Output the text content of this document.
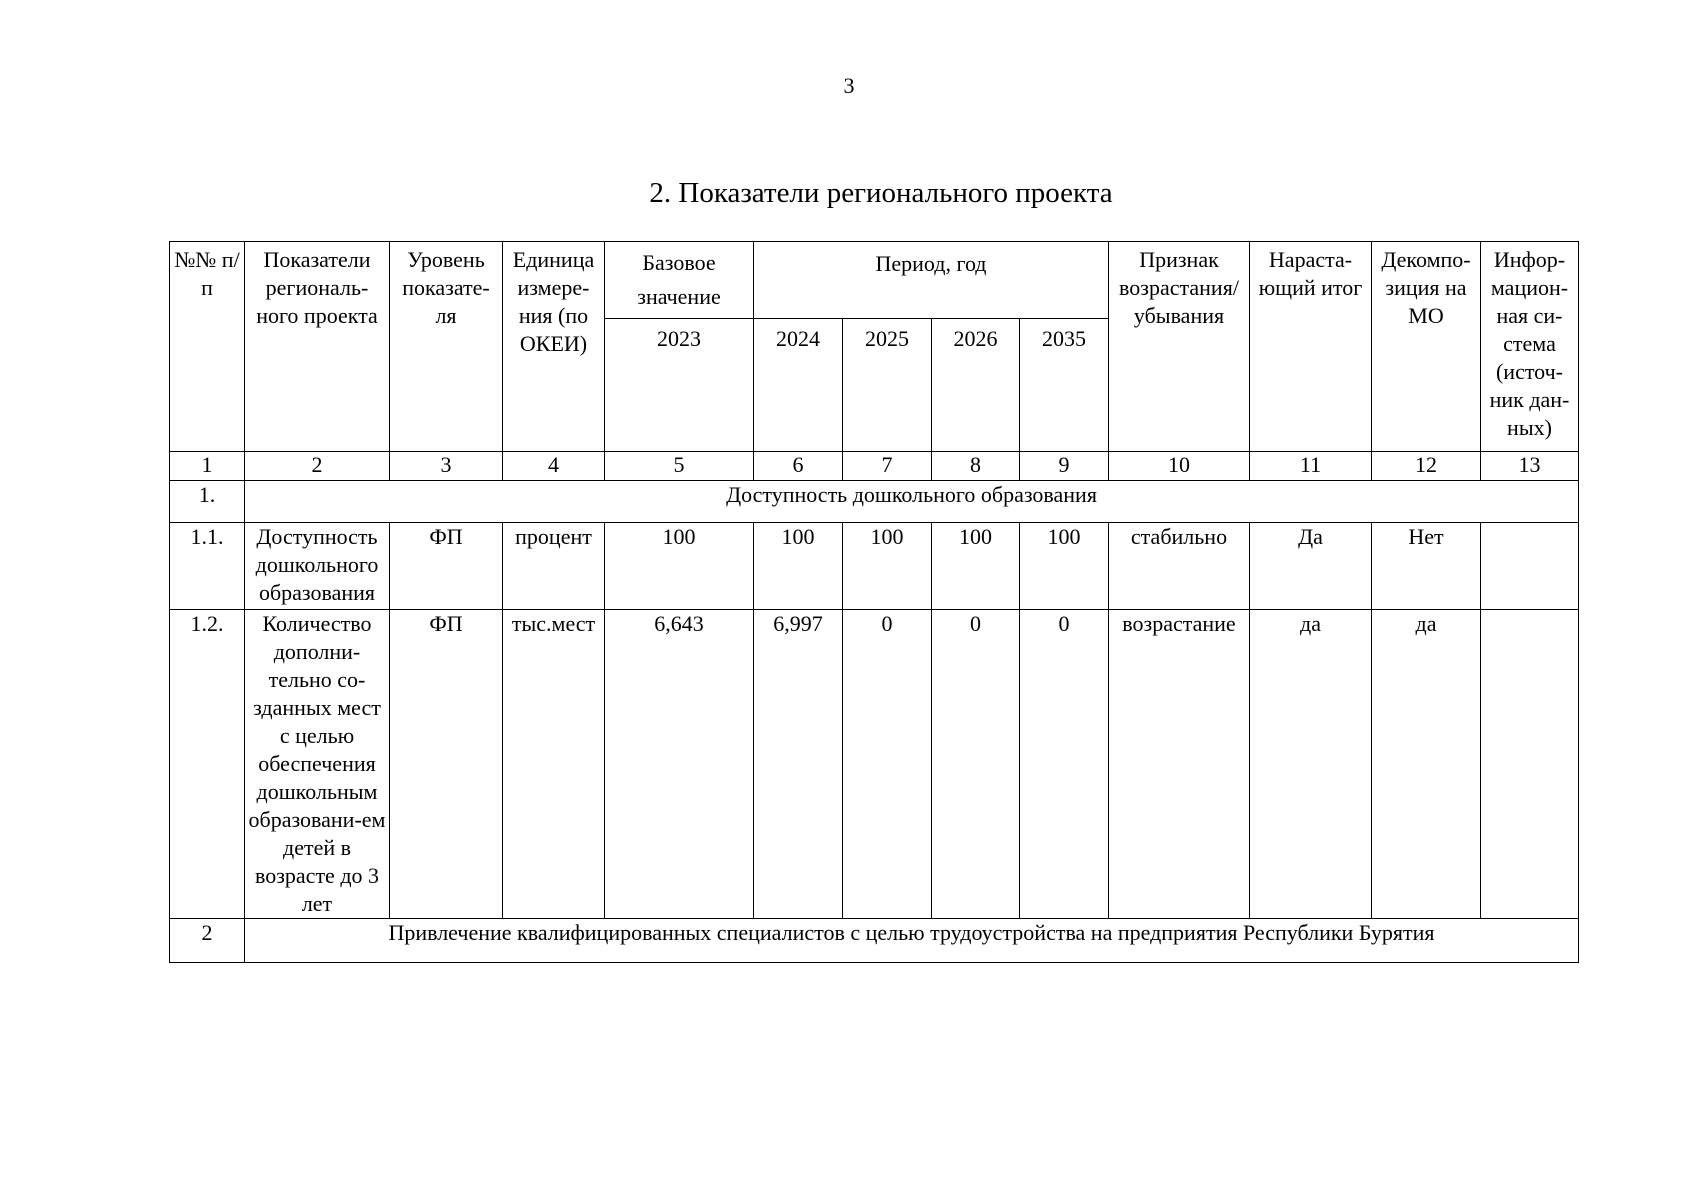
3
2. Показатели регионального проекта
№№ п/п	Показатели региональ-ного проекта	Уровень показате-ля	Единица измере-ния (по ОКЕИ)	Базовое значение	Период, год				Признак возрастания/ убывания	Нараста-ющий итог	Декомпо-зиция на МО	Инфор-мацион-ная си-стема (источ-ник дан-ных)

				2023	2024	2025	2026	2035				
1	2	3	4	5	6	7	8	9	10	11	12	13
1.	Доступность дошкольного образования											
1.1.	Доступность дошкольного образования	ФП	процент	100	100	100	100	100	стабильно	Да	Нет	
1.2.	Количество дополни-тельно со-зданных мест с целью обеспечения дошкольным образовани-ем детей в возрасте до 3 лет	ФП	тыс.мест	6,643	6,997	0	0	0	возрастание	да	да	
2	Привлечение квалифицированных специалистов с целью трудоустройства на предприятия Республики Бурятия											
